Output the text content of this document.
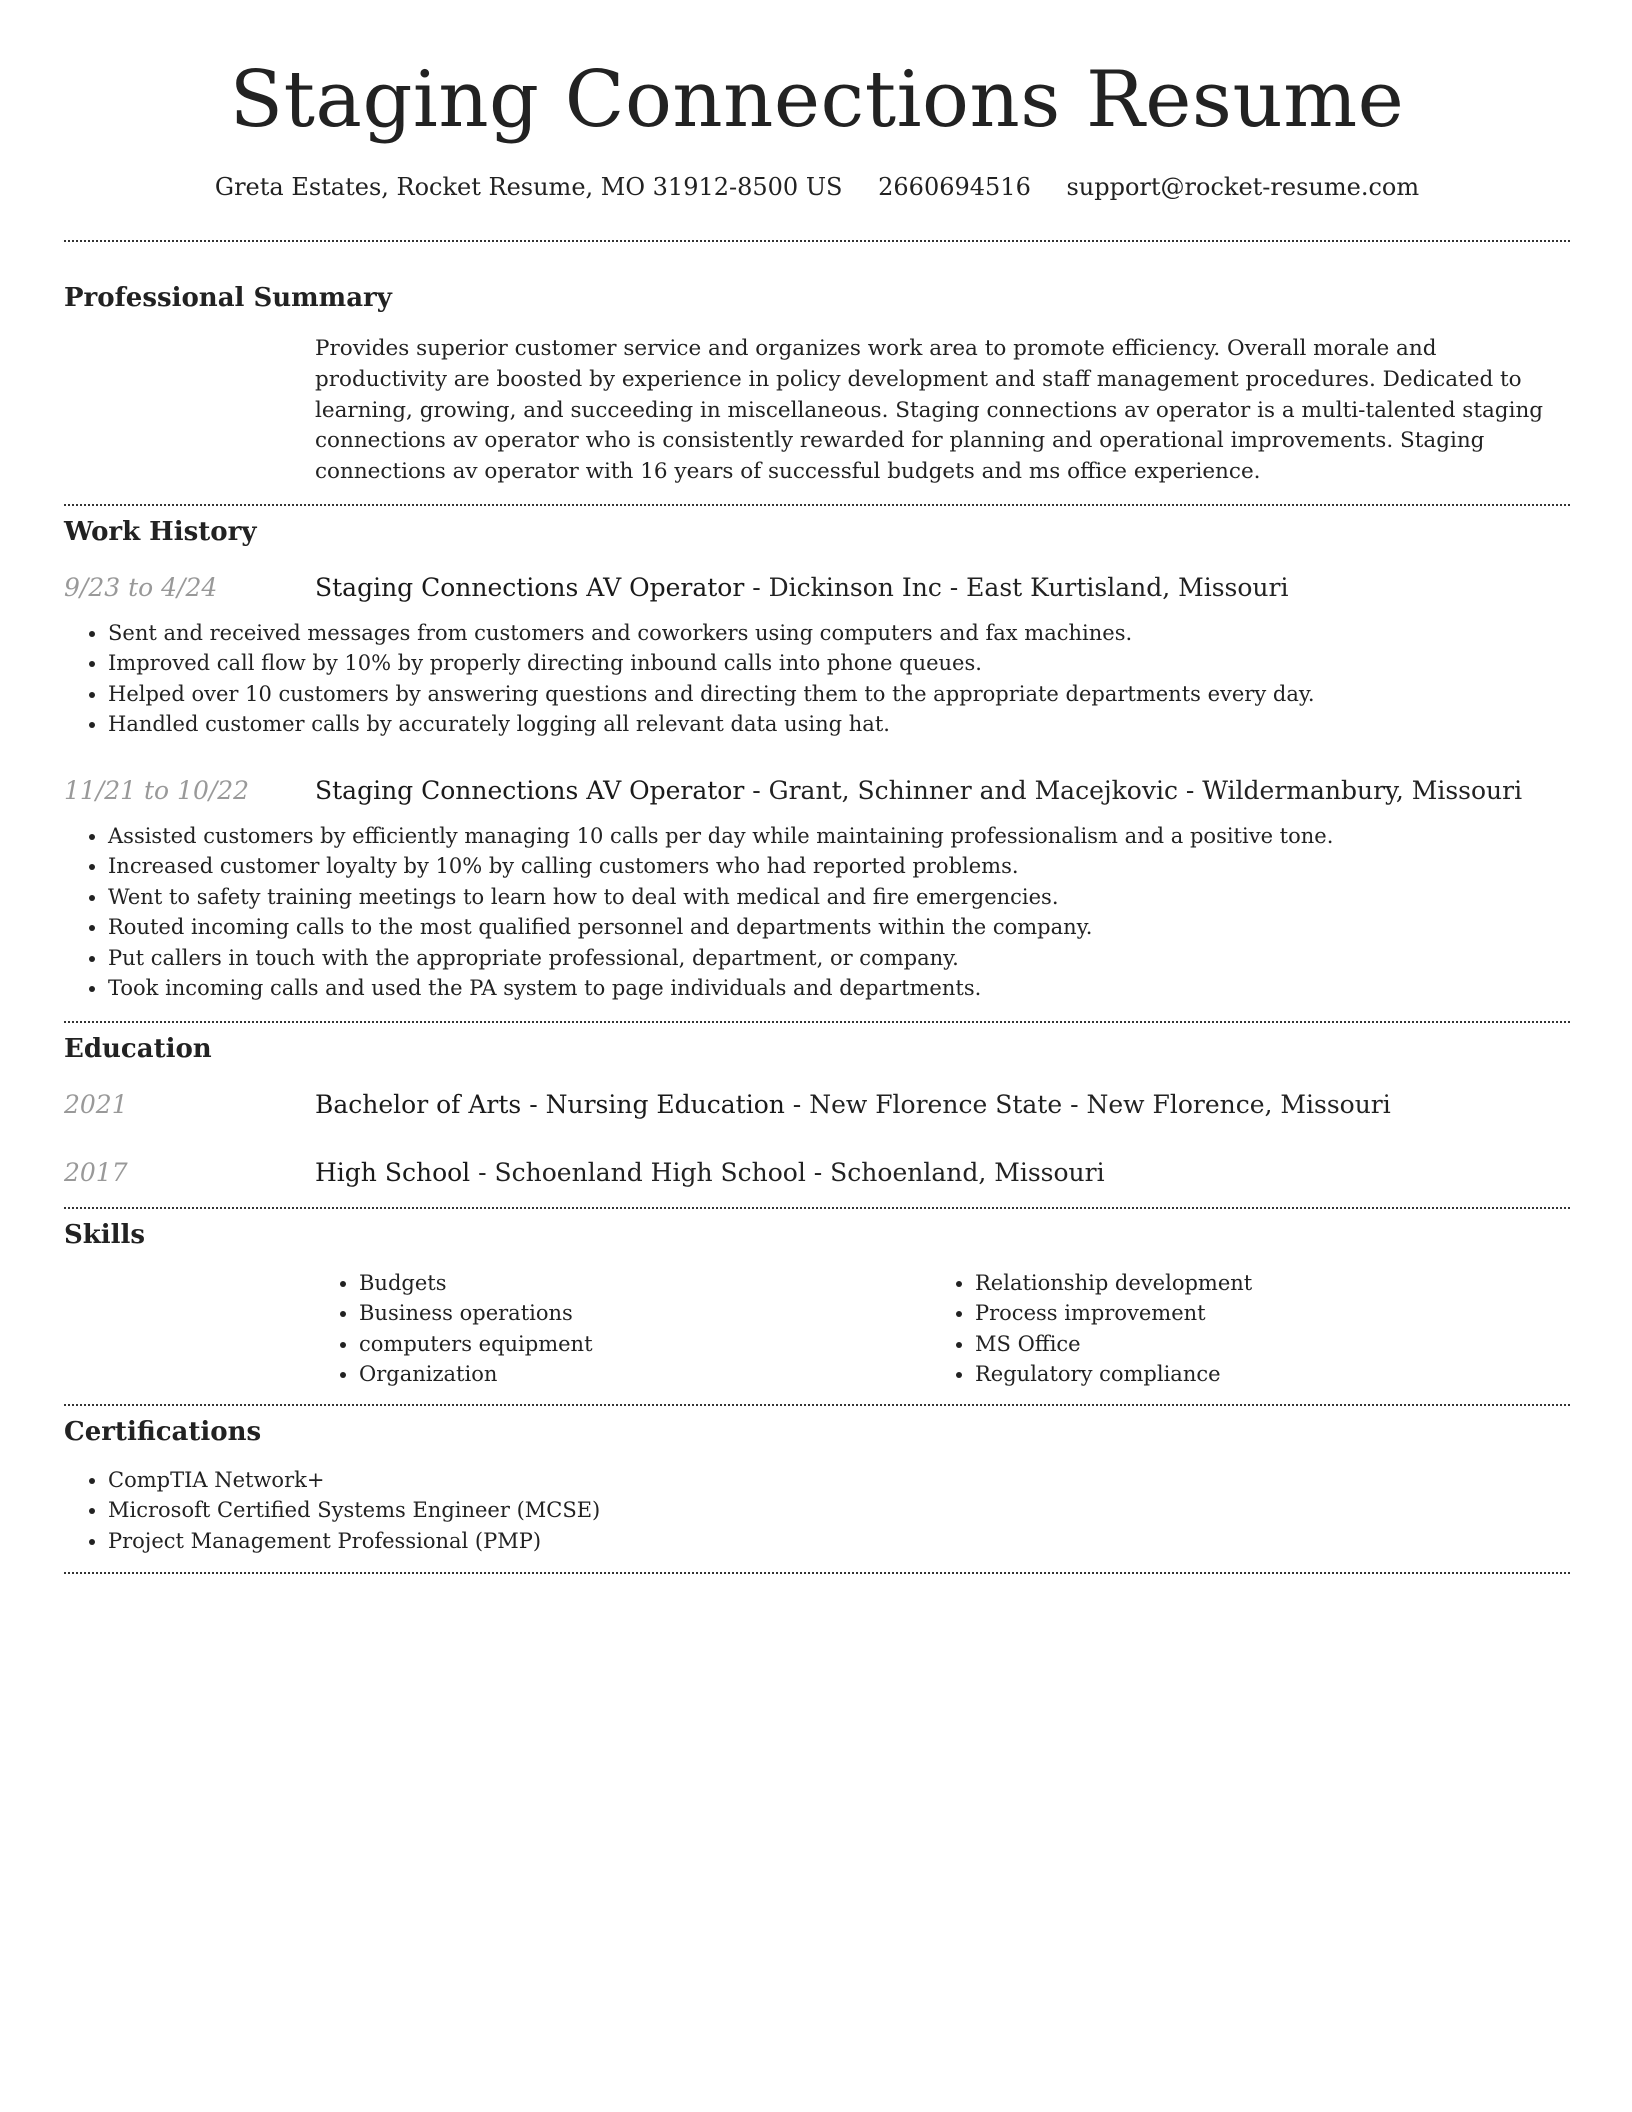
Staging Connections Resume
Greta Estates, Rocket Resume, MO 31912-8500 US 2660694516 support@rocket-resume.com
Professional Summary
Provides superior customer service and organizes work area to promote efficiency. Overall morale and productivity are boosted by experience in policy development and staff management procedures. Dedicated to learning, growing, and succeeding in miscellaneous. Staging connections av operator is a multi-talented staging connections av operator who is consistently rewarded for planning and operational improvements. Staging connections av operator with 16 years of successful budgets and ms office experience.
Work History
9/23 to 4/24	Staging Connections AV Operator - Dickinson Inc - East Kurtisland, Missouri
• Sent and received messages from customers and coworkers using computers and fax machines.
• Improved call flow by 10% by properly directing inbound calls into phone queues.
• Helped over 10 customers by answering questions and directing them to the appropriate departments every day.
• Handled customer calls by accurately logging all relevant data using hat.
11/21 to 10/22	Staging Connections AV Operator - Grant, Schinner and Macejkovic - Wildermanbury, Missouri
• Assisted customers by efficiently managing 10 calls per day while maintaining professionalism and a positive tone.
• Increased customer loyalty by 10% by calling customers who had reported problems.
• Went to safety training meetings to learn how to deal with medical and fire emergencies.
• Routed incoming calls to the most qualified personnel and departments within the company.
• Put callers in touch with the appropriate professional, department, or company.
• Took incoming calls and used the PA system to page individuals and departments.
Education
2021	Bachelor of Arts - Nursing Education - New Florence State - New Florence, Missouri
2017	High School - Schoenland High School - Schoenland, Missouri
Skills
• Budgets
• Business operations
• computers equipment
• Organization
• Relationship development
• Process improvement
• MS Office
• Regulatory compliance
Certifications
• CompTIA Network+
• Microsoft Certified Systems Engineer (MCSE)
• Project Management Professional (PMP)
